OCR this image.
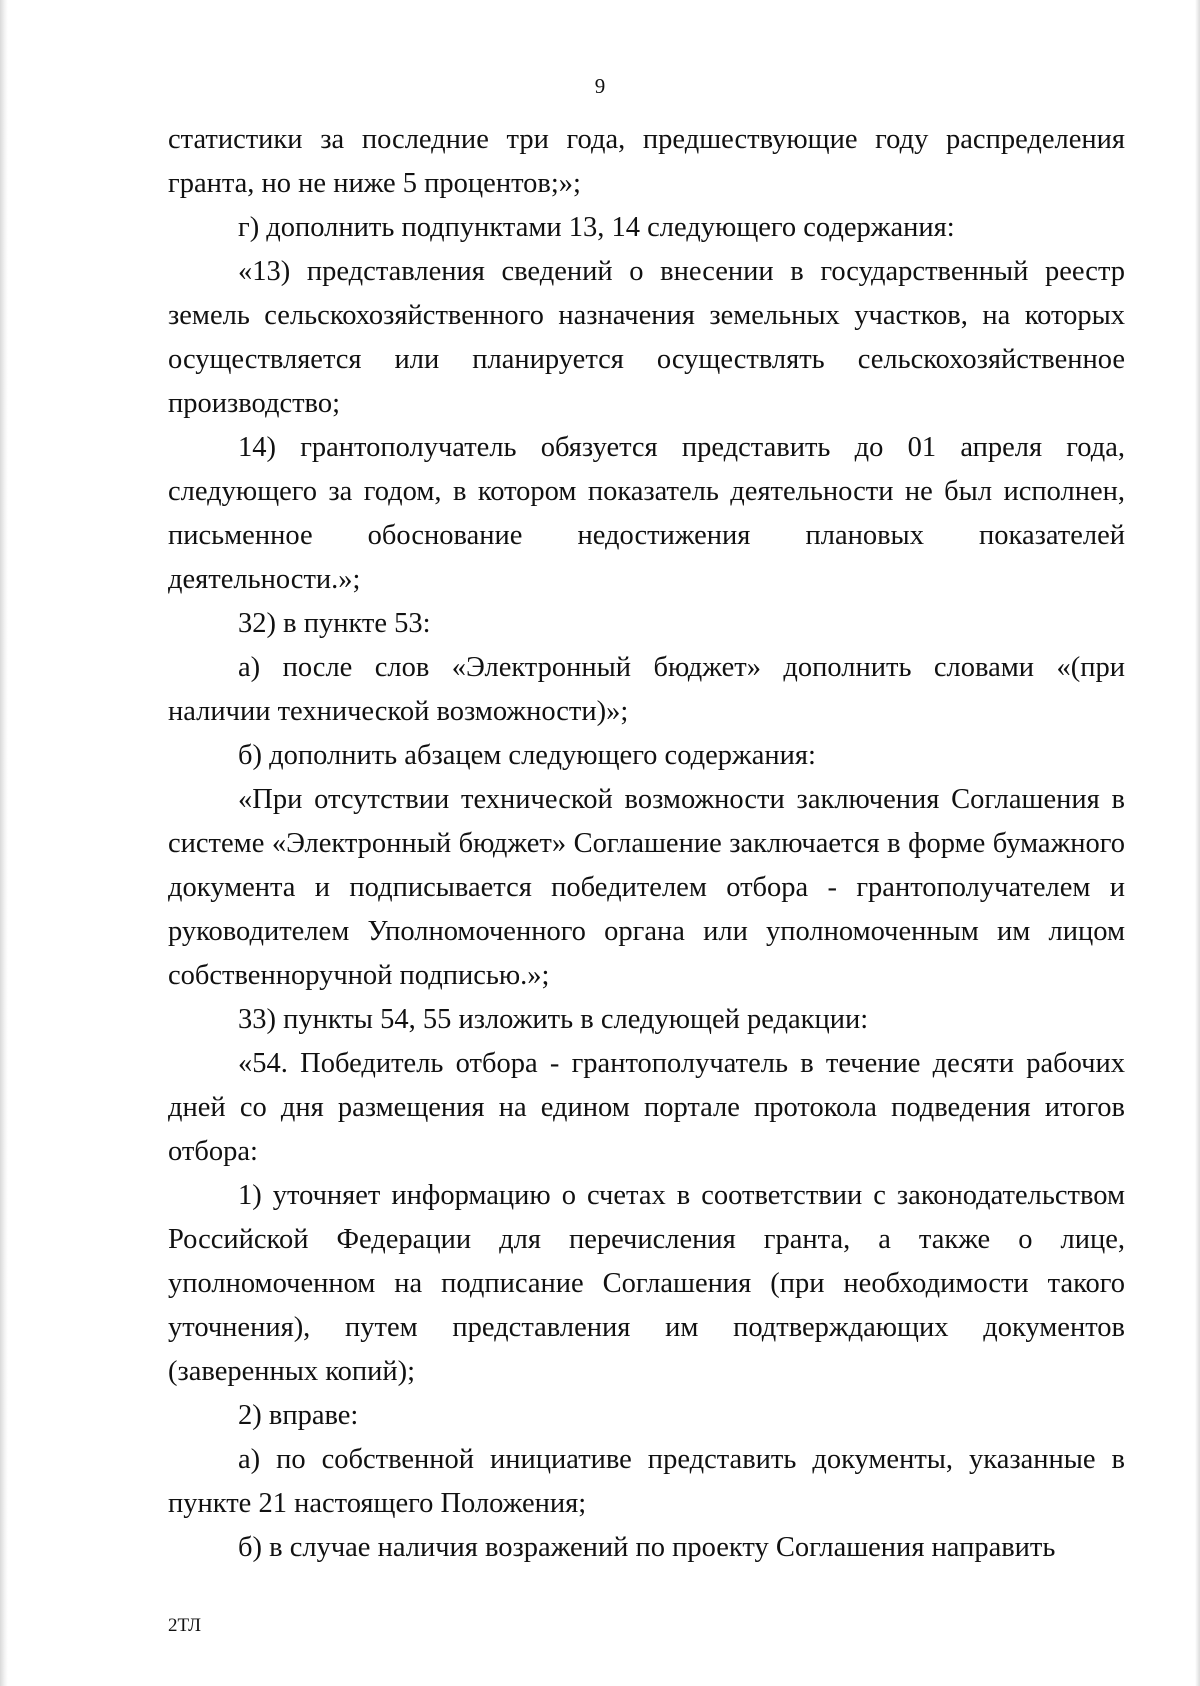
9

статистики за последние три года, предшествующие году распределения гранта, но не ниже 5 процентов;»;

г) дополнить подпунктами 13, 14 следующего содержания:

«13) представления сведений о внесении в государственный реестр земель сельскохозяйственного назначения земельных участков, на которых осуществляется или планируется осуществлять сельскохозяйственное производство;

14) грантополучатель обязуется представить до 01 апреля года, следующего за годом, в котором показатель деятельности не был исполнен, письменное обоснование недостижения плановых показателей деятельности.»;

32) в пункте 53:

а) после слов «Электронный бюджет» дополнить словами «(при наличии технической возможности)»;

б) дополнить абзацем следующего содержания:

«При отсутствии технической возможности заключения Соглашения в системе «Электронный бюджет» Соглашение заключается в форме бумажного документа и подписывается победителем отбора - грантополучателем и руководителем Уполномоченного органа или уполномоченным им лицом собственноручной подписью.»;

33) пункты 54, 55 изложить в следующей редакции:

«54. Победитель отбора - грантополучатель в течение десяти рабочих дней со дня размещения на едином портале протокола подведения итогов отбора:

1) уточняет информацию о счетах в соответствии с законодательством Российской Федерации для перечисления гранта, а также о лице, уполномоченном на подписание Соглашения (при необходимости такого уточнения), путем представления им подтверждающих документов (заверенных копий);

2) вправе:

а) по собственной инициативе представить документы, указанные в пункте 21 настоящего Положения;

б) в случае наличия возражений по проекту Соглашения направить

2ТЛ
